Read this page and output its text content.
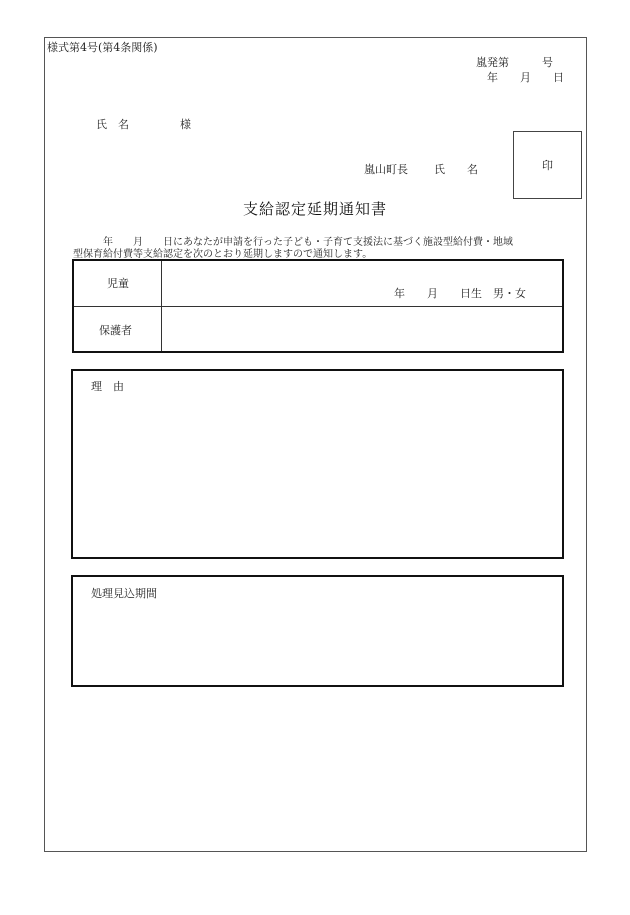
様式第4号(第4条関係)
嵐発第　　　号
年　　月　　日
氏　名	様
嵐山町長 氏　　名	印
支給認定延期通知書
年　　月　　日にあなたが申請を行った子ども・子育て支援法に基づく施設型給付費・地域
型保育給付費等支給認定を次のとおり延期しますので通知します。
児童
年　　月　　日生　男・女
保護者
理　由
処理見込期間
